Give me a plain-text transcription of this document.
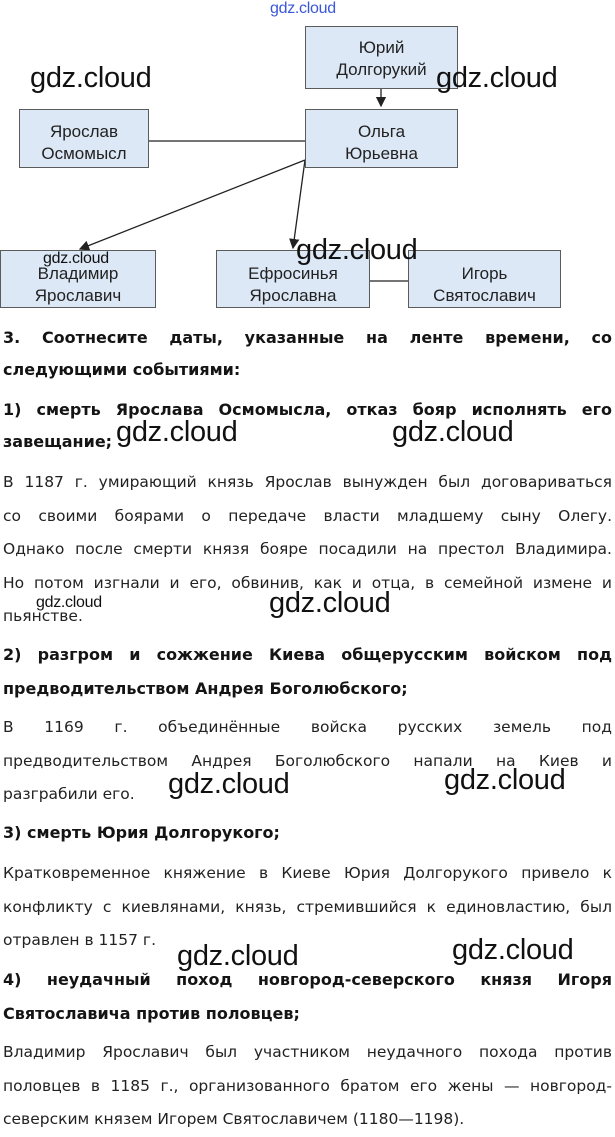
Юрий
Долгорукий
Ярослав
Осмомысл
Ольга
Юрьевна
Владимир
Ярославич
Ефросинья
Ярославна
Игорь
Святославич
3. Соотнесите даты, указанные на ленте времени, со
следующими событиями:
1) смерть Ярослава Осмомысла, отказ бояр исполнять его
завещание;
В 1187 г. умирающий князь Ярослав вынужден был договариваться
со своими боярами о передаче власти младшему сыну Олегу.
Однако после смерти князя бояре посадили на престол Владимира.
Но потом изгнали и его, обвинив, как и отца, в семейной измене и
пьянстве.
2) разгром и сожжение Киева общерусским войском под
предводительством Андрея Боголюбского;
В 1169 г. объединённые войска русских земель под
предводительством Андрея Боголюбского напали на Киев и
разграбили его.
3) смерть Юрия Долгорукого;
Кратковременное княжение в Киеве Юрия Долгорукого привело к
конфликту с киевлянами, князь, стремившийся к единовластию, был
отравлен в 1157 г.
4) неудачный поход новгород-северского князя Игоря
Святославича против половцев;
Владимир Ярославич был участником неудачного похода против
половцев в 1185 г., организованного братом его жены — новгород-
северским князем Игорем Святославичем (1180—1198).
gdz.cloud
gdz.cloud	gdz.cloud
gdz.cloud	gdz.cloud
gdz.cloud	gdz.cloud
gdz.cloud	gdz.cloud
gdz.cloud	gdz.cloud
gdz.cloud	gdz.cloud
